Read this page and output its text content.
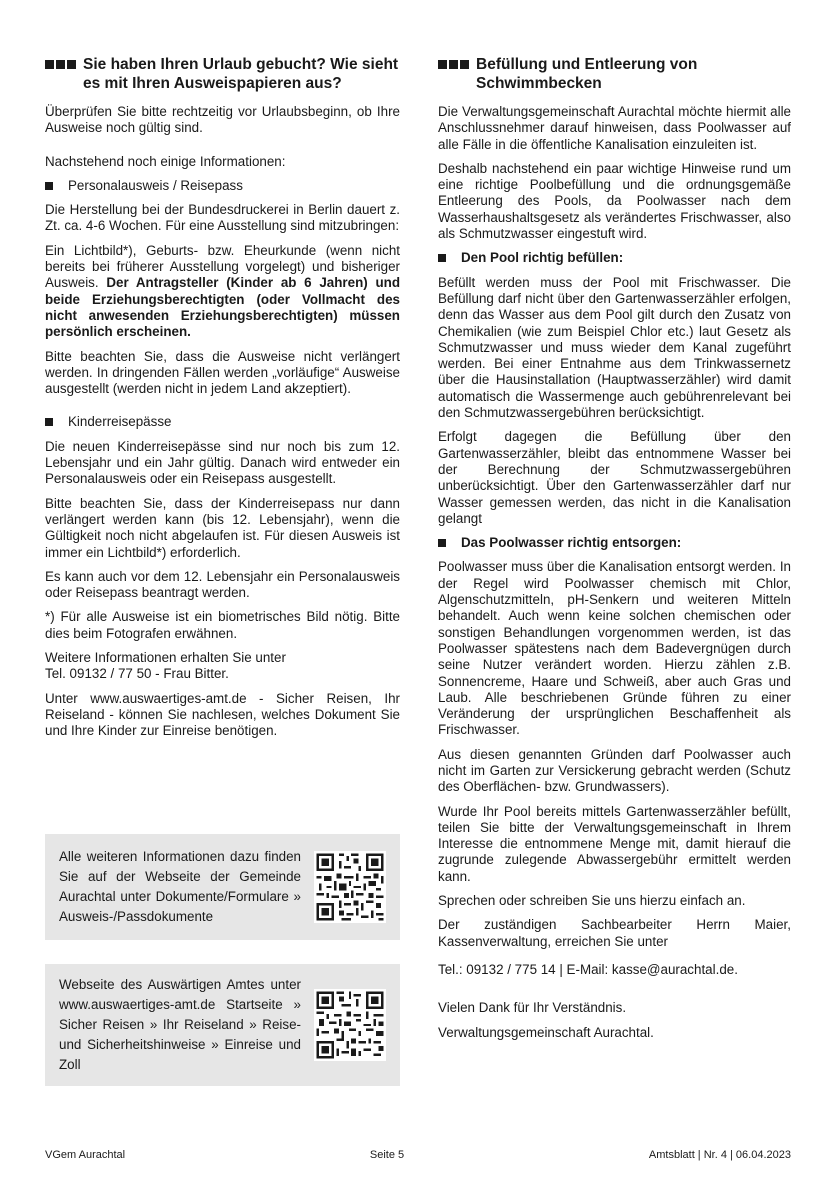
Sie haben Ihren Urlaub gebucht? Wie sieht es mit Ihren Ausweispapieren aus?

Überprüfen Sie bitte rechtzeitig vor Urlaubsbeginn, ob Ihre Ausweise noch gültig sind.

Nachstehend noch einige Informationen:

Personalausweis / Reisepass

Die Herstellung bei der Bundesdruckerei in Berlin dauert z. Zt. ca. 4-6 Wochen. Für eine Ausstellung sind mitzubringen:

Ein Lichtbild*), Geburts- bzw. Eheurkunde (wenn nicht bereits bei früherer Ausstellung vorgelegt) und bisheriger Ausweis. Der Antragsteller (Kinder ab 6 Jahren) und beide Erziehungsberechtigten (oder Vollmacht des nicht anwesenden Erziehungsberechtigten) müssen persönlich erscheinen.

Bitte beachten Sie, dass die Ausweise nicht verlängert werden. In dringenden Fällen werden „vorläufige“ Ausweise ausgestellt (werden nicht in jedem Land akzeptiert).

Kinderreisepässe

Die neuen Kinderreisepässe sind nur noch bis zum 12. Lebensjahr und ein Jahr gültig. Danach wird entweder ein Personalausweis oder ein Reisepass ausgestellt.

Bitte beachten Sie, dass der Kinderreisepass nur dann verlängert werden kann (bis 12. Lebensjahr), wenn die Gültigkeit noch nicht abgelaufen ist. Für diesen Ausweis ist immer ein Lichtbild*) erforderlich.

Es kann auch vor dem 12. Lebensjahr ein Personalausweis oder Reisepass beantragt werden.

*) Für alle Ausweise ist ein biometrisches Bild nötig. Bitte dies beim Fotografen erwähnen.

Weitere Informationen erhalten Sie unter
Tel. 09132 / 77 50 - Frau Bitter.

Unter www.auswaertiges-amt.de - Sicher Reisen, Ihr Reiseland - können Sie nachlesen, welches Dokument Sie und Ihre Kinder zur Einreise benötigen.

Alle weiteren Informationen dazu finden Sie auf der Webseite der Gemeinde Aurachtal unter Dokumente/Formulare » Ausweis-/Passdokumente
Webseite des Auswärtigen Amtes unter www.auswaertiges-amt.de Startseite » Sicher Reisen » Ihr Reiseland » Reise- und Sicherheitshinweise » Einreise und Zoll
Befüllung und Entleerung von Schwimmbecken

Die Verwaltungsgemeinschaft Aurachtal möchte hiermit alle Anschlussnehmer darauf hinweisen, dass Poolwasser auf alle Fälle in die öffentliche Kanalisation einzuleiten ist.

Deshalb nachstehend ein paar wichtige Hinweise rund um eine richtige Poolbefüllung und die ordnungsgemäße Entleerung des Pools, da Poolwasser nach dem Wasserhaushaltsgesetz als verändertes Frischwasser, also als Schmutzwasser eingestuft wird.

Den Pool richtig befüllen:

Befüllt werden muss der Pool mit Frischwasser. Die Befüllung darf nicht über den Gartenwasserzähler erfolgen, denn das Wasser aus dem Pool gilt durch den Zusatz von Chemikalien (wie zum Beispiel Chlor etc.) laut Gesetz als Schmutzwasser und muss wieder dem Kanal zugeführt werden. Bei einer Entnahme aus dem Trinkwassernetz über die Hausinstallation (Hauptwasserzähler) wird damit automatisch die Wassermenge auch gebührenrelevant bei den Schmutzwassergebühren berücksichtigt.

Erfolgt dagegen die Befüllung über den Gartenwasserzähler, bleibt das entnommene Wasser bei der Berechnung der Schmutzwassergebühren unberücksichtigt. Über den Gartenwasserzähler darf nur Wasser gemessen werden, das nicht in die Kanalisation gelangt

Das Poolwasser richtig entsorgen:

Poolwasser muss über die Kanalisation entsorgt werden. In der Regel wird Poolwasser chemisch mit Chlor, Algenschutzmitteln, pH-Senkern und weiteren Mitteln behandelt. Auch wenn keine solchen chemischen oder sonstigen Behandlungen vorgenommen werden, ist das Poolwasser spätestens nach dem Badevergnügen durch seine Nutzer verändert worden. Hierzu zählen z.B. Sonnencreme, Haare und Schweiß, aber auch Gras und Laub. Alle beschriebenen Gründe führen zu einer Veränderung der ursprünglichen Beschaffenheit als Frischwasser.

Aus diesen genannten Gründen darf Poolwasser auch nicht im Garten zur Versickerung gebracht werden (Schutz des Oberflächen- bzw. Grundwassers).

Wurde Ihr Pool bereits mittels Gartenwasserzähler befüllt, teilen Sie bitte der Verwaltungsgemeinschaft in Ihrem Interesse die entnommene Menge mit, damit hierauf die zugrunde zulegende Abwassergebühr ermittelt werden kann.

Sprechen oder schreiben Sie uns hierzu einfach an.

Der zuständigen Sachbearbeiter Herrn Maier, Kassenverwaltung, erreichen Sie unter

Tel.: 09132 / 775 14 | E-Mail: kasse@aurachtal.de.

Vielen Dank für Ihr Verständnis.

Verwaltungsgemeinschaft Aurachtal.

VGem Aurachtal	Seite 5	Amtsblatt | Nr. 4 | 06.04.2023
